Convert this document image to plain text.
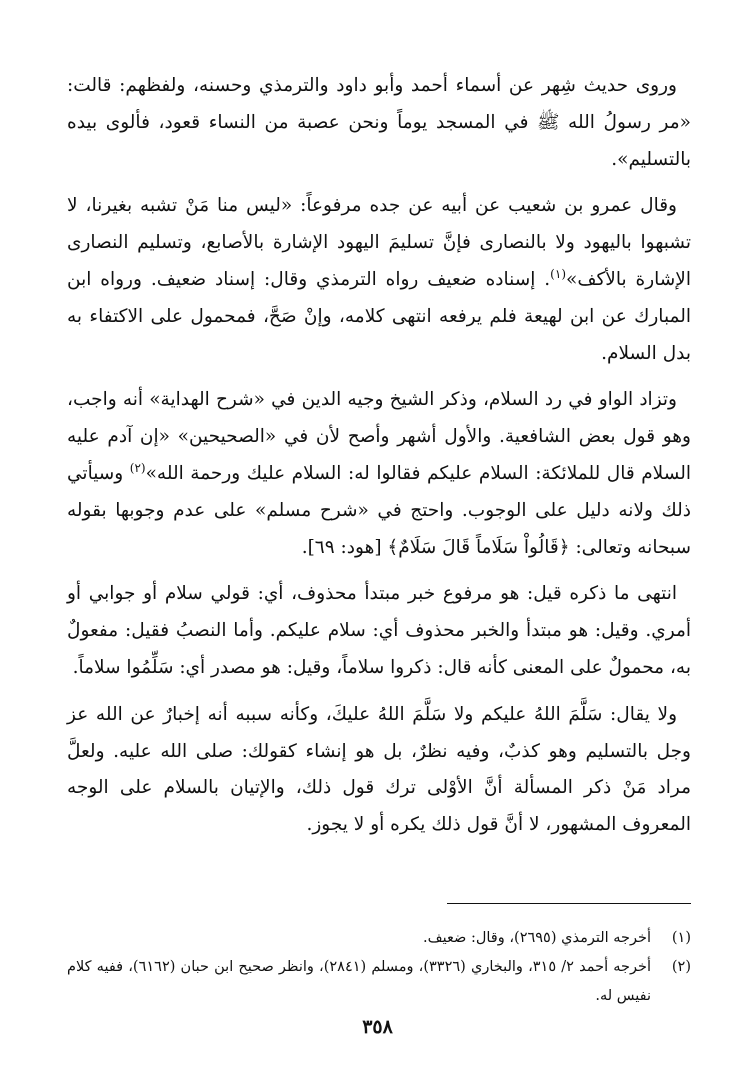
وروى حديث شِهر عن أسماء أحمد وأبو داود والترمذي وحسنه، ولفظهم: قالت: «مر رسولُ الله ﷺ في المسجد يوماً ونحن عصبة من النساء قعود، فألوى بيده بالتسليم».

وقال عمرو بن شعيب عن أبيه عن جده مرفوعاً: «ليس منا مَنْ تشبه بغيرنا، لا تشبهوا باليهود ولا بالنصارى فإنَّ تسليمَ اليهود الإشارة بالأصابع، وتسليم النصارى الإشارة بالأكف»$^{(١)}$. إسناده ضعيف رواه الترمذي وقال: إسناد ضعيف. ورواه ابن المبارك عن ابن لهيعة فلم يرفعه انتهى كلامه، وإنْ صَحَّ، فمحمول على الاكتفاء به بدل السلام.

وتزاد الواو في رد السلام، وذكر الشيخ وجيه الدين في «شرح الهداية» أنه واجب، وهو قول بعض الشافعية. والأول أشهر وأصح لأن في «الصحيحين» «إن آدم عليه السلام قال للملائكة: السلام عليكم فقالوا له: السلام عليك ورحمة الله»$^{(٢)}$ وسيأتي ذلك ولانه دليل على الوجوب. واحتج في «شرح مسلم» على عدم وجوبها بقوله سبحانه وتعالى: ﴿قَالُواْ سَلَاماً قَالَ سَلَامٌ﴾ [هود: ٦٩].

انتهى ما ذكره قيل: هو مرفوع خبر مبتدأ محذوف، أي: قولي سلام أو جوابي أو أمري. وقيل: هو مبتدأ والخبر محذوف أي: سلام عليكم. وأما النصبُ فقيل: مفعولٌ به، محمولٌ على المعنى كأنه قال: ذكروا سلاماً، وقيل: هو مصدر أي: سَلِّمُوا سلاماً.

ولا يقال: سَلَّمَ اللهُ عليكم ولا سَلَّمَ اللهُ عليكَ، وكأنه سببه أنه إخبارٌ عن الله عز وجل بالتسليم وهو كذبٌ، وفيه نظرٌ، بل هو إنشاء كقولك: صلى الله عليه. ولعلَّ مراد مَنْ ذكر المسألة أنَّ الأوْلى ترك قول ذلك، والإتيان بالسلام على الوجه المعروف المشهور، لا أنَّ قول ذلك يكره أو لا يجوز.

(١)
أخرجه الترمذي (٢٦٩٥)، وقال: ضعيف.

(٢)
أخرجه أحمد ٢/ ٣١٥، والبخاري (٣٣٢٦)، ومسلم (٢٨٤١)، وانظر صحيح ابن حبان (٦١٦٢)، ففيه كلام نفيس له.

٣٥٨
